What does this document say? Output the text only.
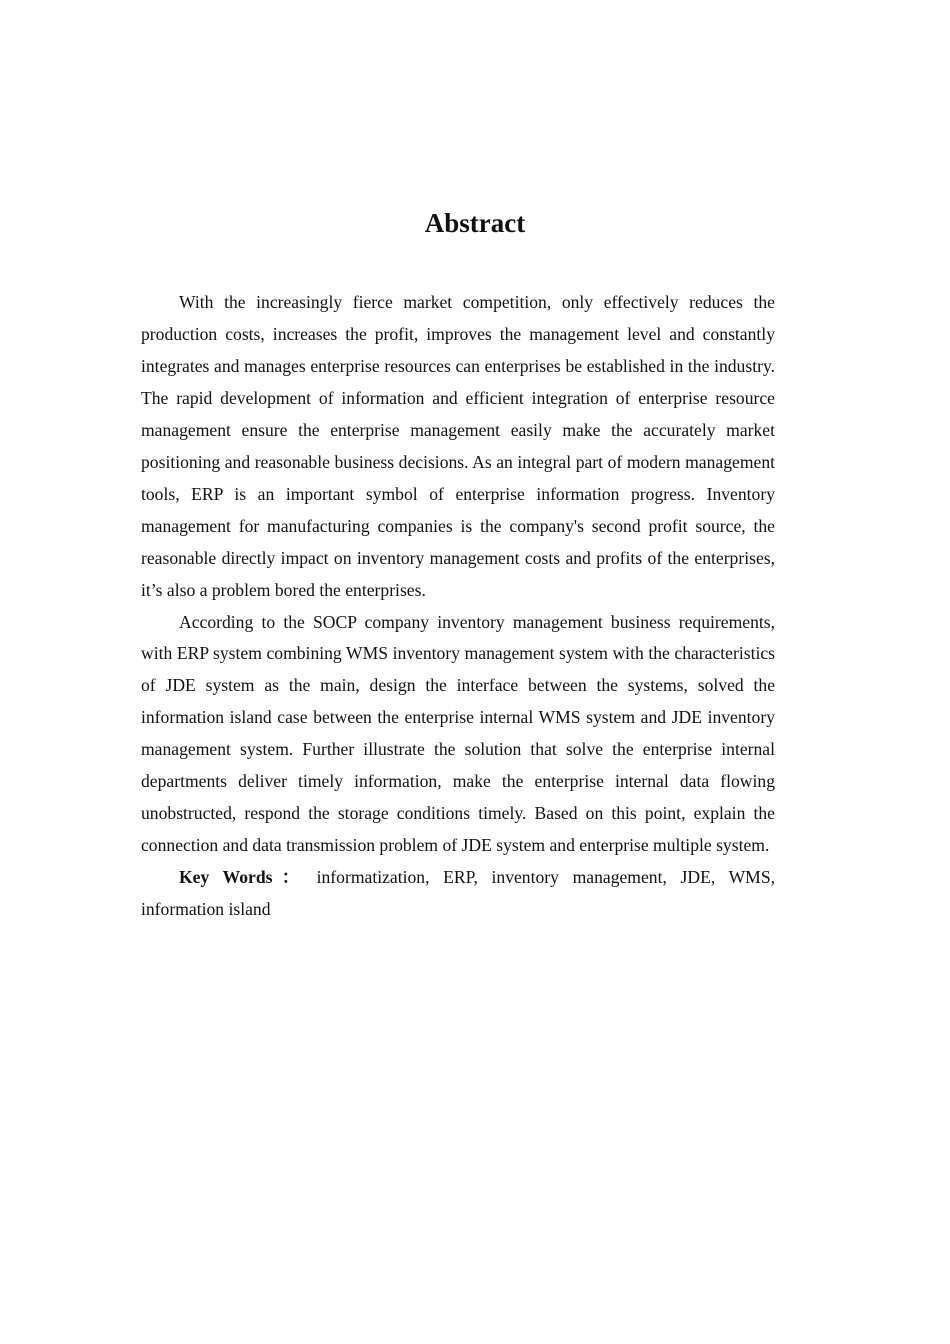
Abstract

With the increasingly fierce market competition, only effectively reduces the production costs, increases the profit, improves the management level and constantly integrates and manages enterprise resources can enterprises be established in the industry. The rapid development of information and efficient integration of enterprise resource management ensure the enterprise management easily make the accurately market positioning and reasonable business decisions. As an integral part of modern management tools, ERP is an important symbol of enterprise information progress. Inventory management for manufacturing companies is the company's second profit source, the reasonable directly impact on inventory management costs and profits of the enterprises, it’s also a problem bored the enterprises.

According to the SOCP company inventory management business requirements, with ERP system combining WMS inventory management system with the characteristics of JDE system as the main, design the interface between the systems, solved the information island case between the enterprise internal WMS system and JDE inventory management system. Further illustrate the solution that solve the enterprise internal departments deliver timely information, make the enterprise internal data flowing unobstructed, respond the storage conditions timely. Based on this point, explain the connection and data transmission problem of JDE system and enterprise multiple system.

Key Words： informatization, ERP, inventory management, JDE, WMS, information island
